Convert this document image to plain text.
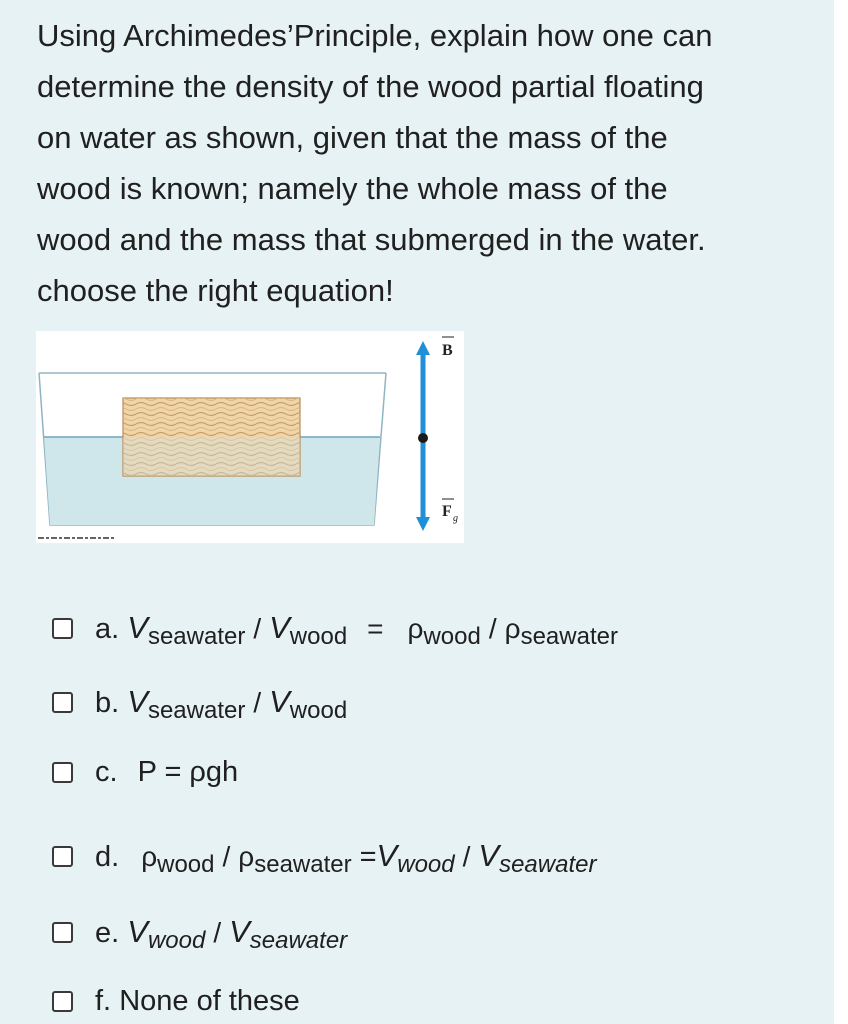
Using Archimedes’Principle, explain how one can
determine the density of the wood partial floating
on water as shown, given that the mass of the
wood is known; namely the whole mass of the
wood and the mass that submerged in the water.
choose the right equation!
B
F g
a.
V seawater / V wood = ρ wood / ρ seawater
b.
V seawater / V wood
c. P = ρgh
d. ρ wood / ρ seawater = V wood / V seawater
e.
V wood / V seawater
f.
None of these
